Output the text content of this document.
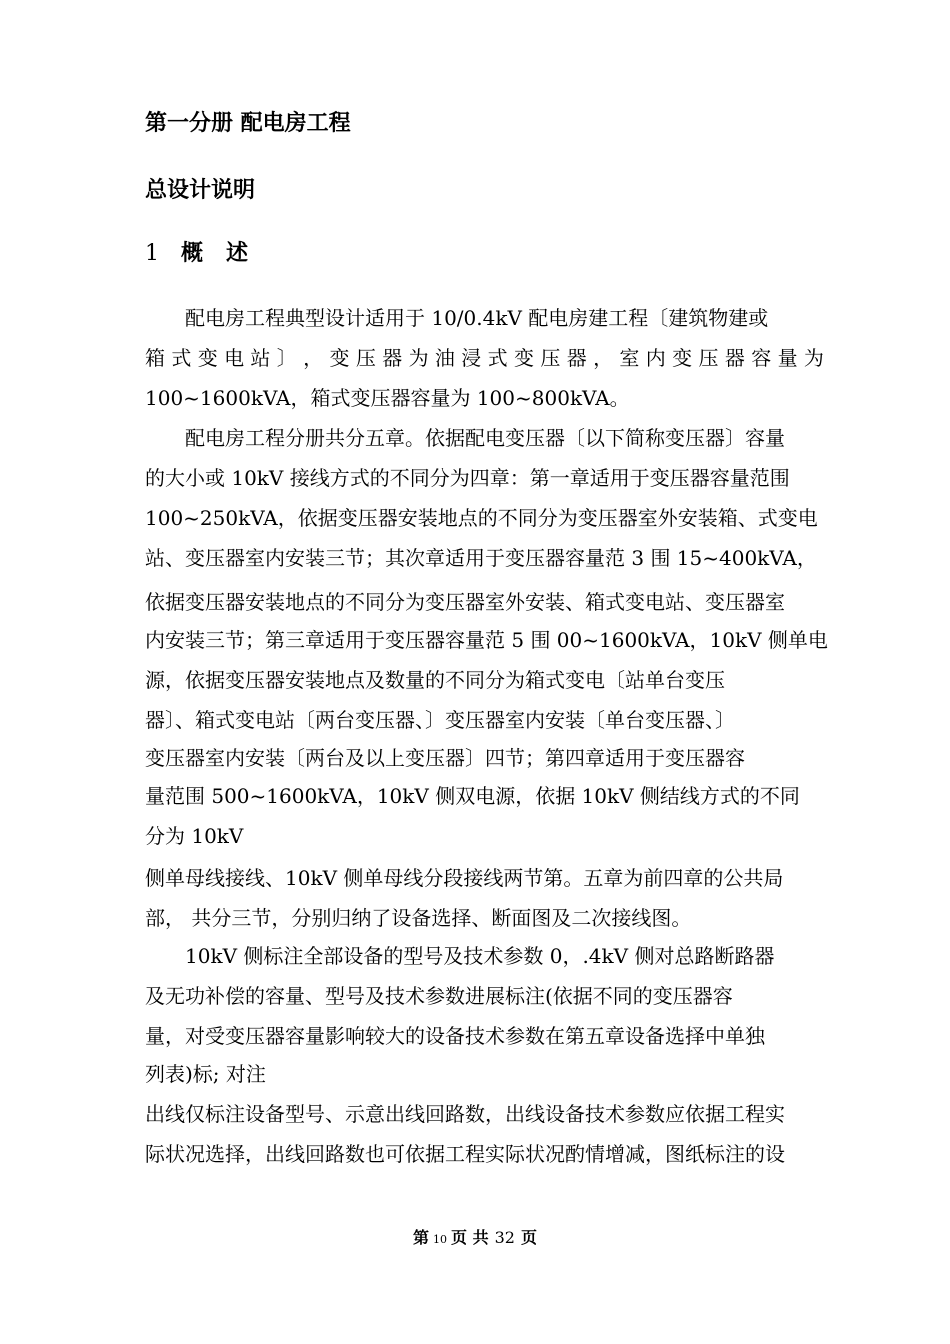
第一分册 配电房工程
总设计说明
1 概   述
　　配电房工程典型设计适用于 10/0.4kV 配电房建工程〔建筑物建或
箱 式 变 电 站 〕 ， 变 压 器 为 油 浸 式 变 压 器 ， 室 内 变 压 器 容 量 为
100~1600kVA，箱式变压器容量为 100~800kVA。
　　配电房工程分册共分五章。依据配电变压器〔以下简称变压器〕容量
的大小或 10kV 接线方式的不同分为四章：第一章适用于变压器容量范围
100~250kVA，依据变压器安装地点的不同分为变压器室外安装箱、式变电
站、变压器室内安装三节；其次章适用于变压器容量范 3 围 15~400kVA，
依据变压器安装地点的不同分为变压器室外安装、箱式变电站、变压器室
内安装三节；第三章适用于变压器容量范 5 围 00~1600kVA，10kV 侧单电
源，依据变压器安装地点及数量的不同分为箱式变电〔站单台变压
器〕、箱式变电站〔两台变压器、〕变压器室内安装〔单台变压器、〕
变压器室内安装〔两台及以上变压器〕四节；第四章适用于变压器容
量范围 500~1600kVA，10kV 侧双电源，依据 10kV 侧结线方式的不同
分为 10kV
侧单母线接线、10kV 侧单母线分段接线两节第。五章为前四章的公共局
部， 共分三节，分别归纳了设备选择、断面图及二次接线图。
　　10kV 侧标注全部设备的型号及技术参数 0，.4kV 侧对总路断路器
及无功补偿的容量、型号及技术参数进展标注(依据不同的变压器容
量，对受变压器容量影响较大的设备技术参数在第五章设备选择中单独
列表)标; 对注
出线仅标注设备型号、示意出线回路数，出线设备技术参数应依据工程实
际状况选择，出线回路数也可依据工程实际状况酌情增减，图纸标注的设
第 10 页 共 32 页
